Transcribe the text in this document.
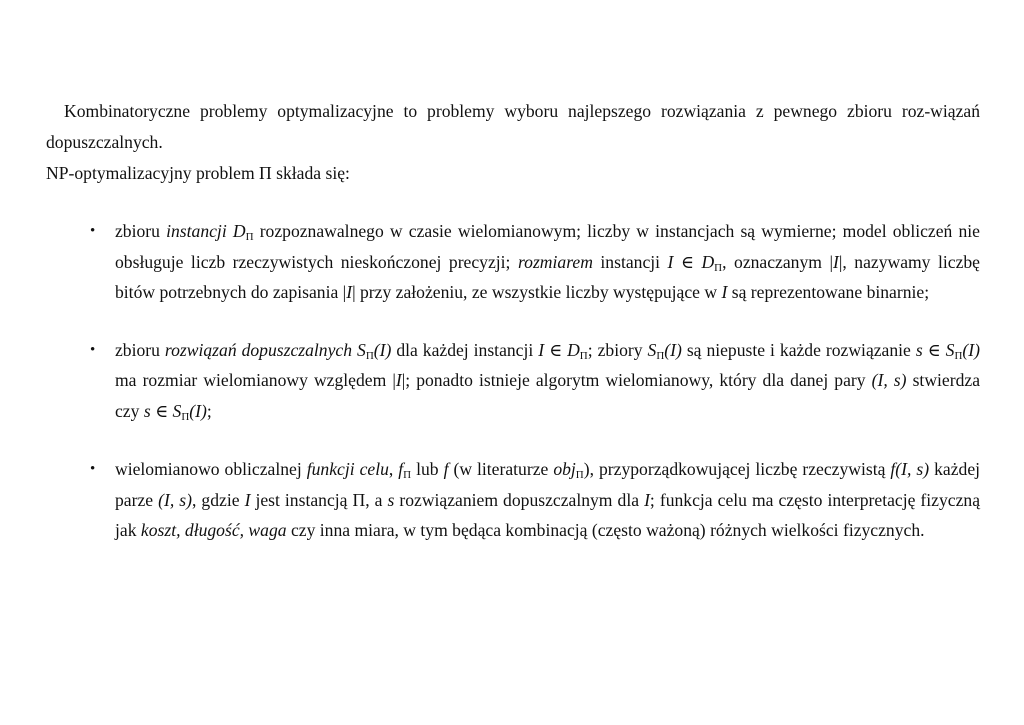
Kombinatoryczne problemy optymalizacyjne to problemy wyboru najlepszego rozwiązania z pewnego zbioru roz-wiązań dopuszczalnych.
NP-optymalizacyjny problem Π składa się:

• zbioru instancji $D_\Pi$ rozpoznawalnego w czasie wielomianowym; liczby w instancjach są wymierne; model obliczeń nie obsługuje liczb rzeczywistych nieskończonej precyzji; rozmiarem instancji I ∈ $D_\Pi$, oznaczanym |I|, nazywamy liczbę bitów potrzebnych do zapisania |I| przy założeniu, ze wszystkie liczby występujące w I są reprezentowane binarnie;
• zbioru rozwiązań dopuszczalnych $S_\Pi(I)$ dla każdej instancji I ∈ $D_\Pi$; zbiory $S_\Pi(I)$ są niepuste i każde rozwiązanie s ∈ $S_\Pi(I)$ ma rozmiar wielomianowy względem |I|; ponadto istnieje algorytm wielomianowy, który dla danej pary (I, s) stwierdza czy s ∈ $S_\Pi(I)$;
• wielomianowo obliczalnej funkcji celu, $f_\Pi$ lub f (w literaturze obj$_\Pi$), przyporządkowującej liczbę rzeczywistą f(I, s) każdej parze (I, s), gdzie I jest instancją Π, a s rozwiązaniem dopuszczalnym dla I; funkcja celu ma często interpretację fizyczną jak koszt, długość, waga czy inna miara, w tym będąca kombinacją (często ważoną) różnych wielkości fizycznych.
